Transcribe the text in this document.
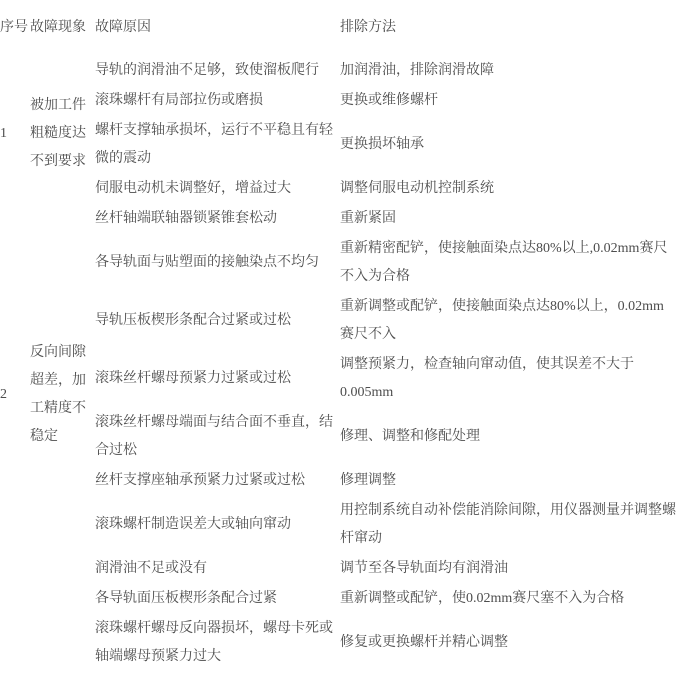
序号	故障现象	故障原因	排除方法
1	被加工件粗糙度达不到要求	导轨的润滑油不足够，致使溜板爬行	加润滑油，排除润滑故障
		滚珠螺杆有局部拉伤或磨损	更换或维修螺杆
		螺杆支撑轴承损坏，运行不平稳且有轻微的震动	更换损坏轴承
		伺服电动机未调整好，增益过大	调整伺服电动机控制系统
		丝杆轴端联轴器锁紧锥套松动	重新紧固
2	反向间隙超差，加工精度不稳定	各导轨面与贴塑面的接触染点不均匀	重新精密配铲，使接触面染点达80%以上,0.02mm赛尺不入为合格
		导轨压板楔形条配合过紧或过松	重新调整或配铲，使接触面染点达80%以上，0.02mm赛尺不入
		滚珠丝杆螺母预紧力过紧或过松	调整预紧力，检查轴向窜动值，使其误差不大于0.005mm
		滚珠丝杆螺母端面与结合面不垂直，结合过松	修理、调整和修配处理
		丝杆支撑座轴承预紧力过紧或过松	修理调整
		滚珠螺杆制造误差大或轴向窜动	用控制系统自动补偿能消除间隙，用仪器测量并调整螺杆窜动
		润滑油不足或没有	调节至各导轨面均有润滑油
		各导轨面压板楔形条配合过紧	重新调整或配铲，使0.02mm赛尺塞不入为合格
		滚珠螺杆螺母反向器损坏，螺母卡死或轴端螺母预紧力过大	修复或更换螺杆并精心调整
